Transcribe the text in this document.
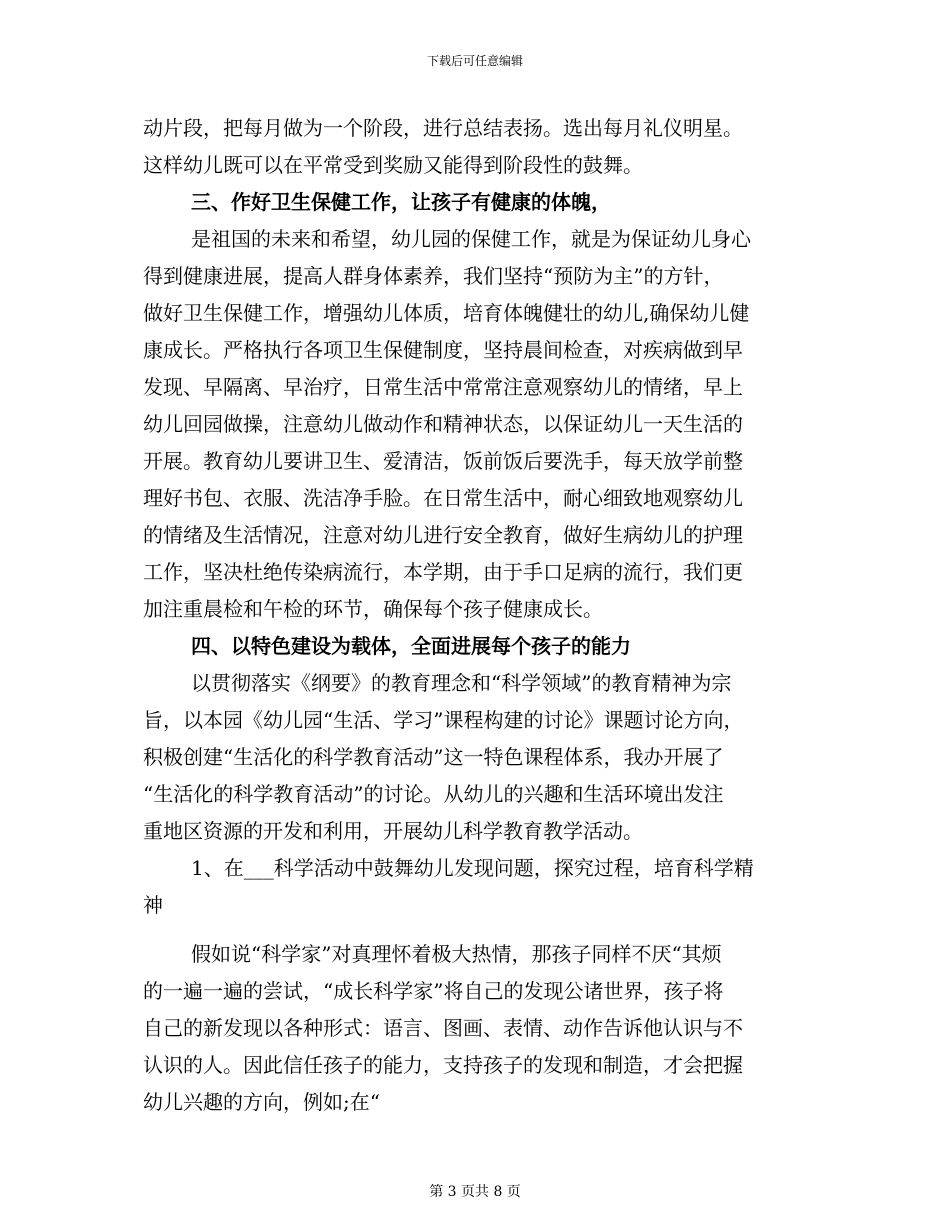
下载后可任意编辑
动片段，把每月做为一个阶段，进行总结表扬。选出每月礼仪明星。
这样幼儿既可以在平常受到奖励又能得到阶段性的鼓舞。
三、作好卫生保健工作，让孩子有健康的体魄，
是祖国的未来和希望，幼儿园的保健工作，就是为保证幼儿身心
得到健康进展，提高人群身体素养，我们坚持“预防为主”的方针，
做好卫生保健工作，增强幼儿体质，培育体魄健壮的幼儿,确保幼儿健
康成长。严格执行各项卫生保健制度，坚持晨间检查，对疾病做到早
发现、早隔离、早治疗，日常生活中常常注意观察幼儿的情绪，早上
幼儿回园做操，注意幼儿做动作和精神状态，以保证幼儿一天生活的
开展。教育幼儿要讲卫生、爱清洁，饭前饭后要洗手，每天放学前整
理好书包、衣服、洗洁净手脸。在日常生活中，耐心细致地观察幼儿
的情绪及生活情况，注意对幼儿进行安全教育，做好生病幼儿的护理
工作，坚决杜绝传染病流行，本学期，由于手口足病的流行，我们更
加注重晨检和午检的环节，确保每个孩子健康成长。
四、以特色建设为载体，全面进展每个孩子的能力
以贯彻落实《纲要》的教育理念和“科学领域”的教育精神为宗
旨，以本园《幼儿园“生活、学习”课程构建的讨论》课题讨论方向，
积极创建“生活化的科学教育活动”这一特色课程体系，我办开展了
“生活化的科学教育活动”的讨论。从幼儿的兴趣和生活环境出发注
重地区资源的开发和利用，开展幼儿科学教育教学活动。
1、在___科学活动中鼓舞幼儿发现问题，探究过程，培育科学精
神
假如说“科学家”对真理怀着极大热情，那孩子同样不厌“其烦
的一遍一遍的尝试，“成长科学家”将自己的发现公诸世界，孩子将
自己的新发现以各种形式：语言、图画、表情、动作告诉他认识与不
认识的人。因此信任孩子的能力，支持孩子的发现和制造，才会把握
幼儿兴趣的方向，例如;在“
第 3 页共 8 页
